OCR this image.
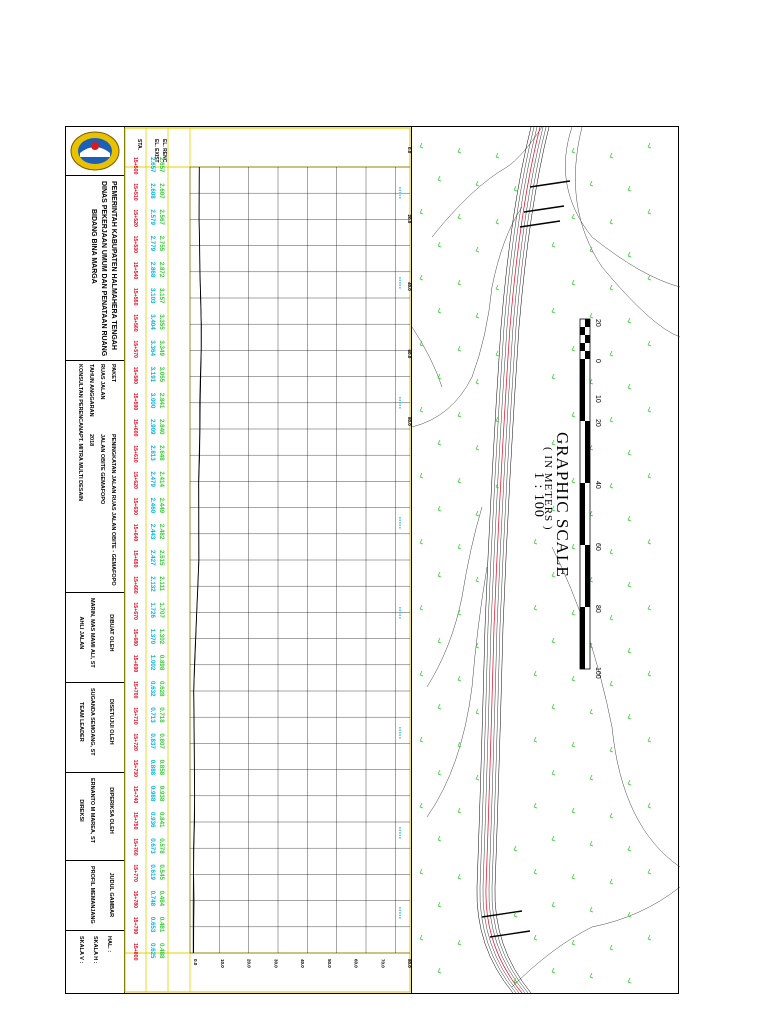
PEMERINTAH KABUPATEN HALMAHERA TENGAH
DINAS PEKERJAAN UMUM DAN PENATAAN RUANG
BIDANG BINA MARGA
PAKETPENINGKATAN JALAN RUAS JALAN OBITE - GEMAFOPO
RUAS JALANJALAN OBITE GEMAFOPO
TAHUN ANGGARAN2018
KONSULTAN PERENCANAPT. MITRA MULTI DESAIN
DIBUAT OLEH
MARIN, MAS MAMI ALI, ST
AHLI JALAN
DISETUJUI OLEH
SUGANDA SEMOANG, ST
TEAM LEADER
DIPERIKSA OLEH
ERNANTO M MAREA, ST
DIREKSI
JUDUL GAMBAR
PROFIL MEMANJANG
HAL. :
SKALA H :
SKALA V :
STA. EL. EXIST EL. RENC	0.0
20.0
40.0
60.0
80.0
0.0	10.0	20.0	30.0	40.0	50.0	60.0	70.0	80.0
15+500 2.657 2.657
15+510 2.608 2.607
15+520 2.579 2.567
15+530 2.779 2.755
15+540 2.868 2.872
15+550 3.103 3.157
15+560 3.404 3.355
15+570 3.364 3.349
15+580 3.191 3.055
15+590 3.000 2.841
15+600 2.909 2.840
15+610 2.813 2.648
15+620 2.479 2.414
15+630 2.460 2.449
15+640 2.443 2.482
15+650 2.427 2.515
15+660 2.132 2.111
15+670 1.726 1.707
15+680 1.370 1.302
15+690 1.002 0.898
15+700 0.632 0.628
15+710 0.713 0.718
15+720 0.837 0.807
15+730 0.888 0.858
15+740 0.988 0.938
15+750 0.936 0.841
15+760 0.673 0.578
15+770 0.619 0.545
15+780 0.748 0.484
15+790 0.653 0.481
15+800 0.625 0.488
20
0
10
20
40
60
80
100
GRAPHIC SCALE
( IN METERS )
1 : 100
